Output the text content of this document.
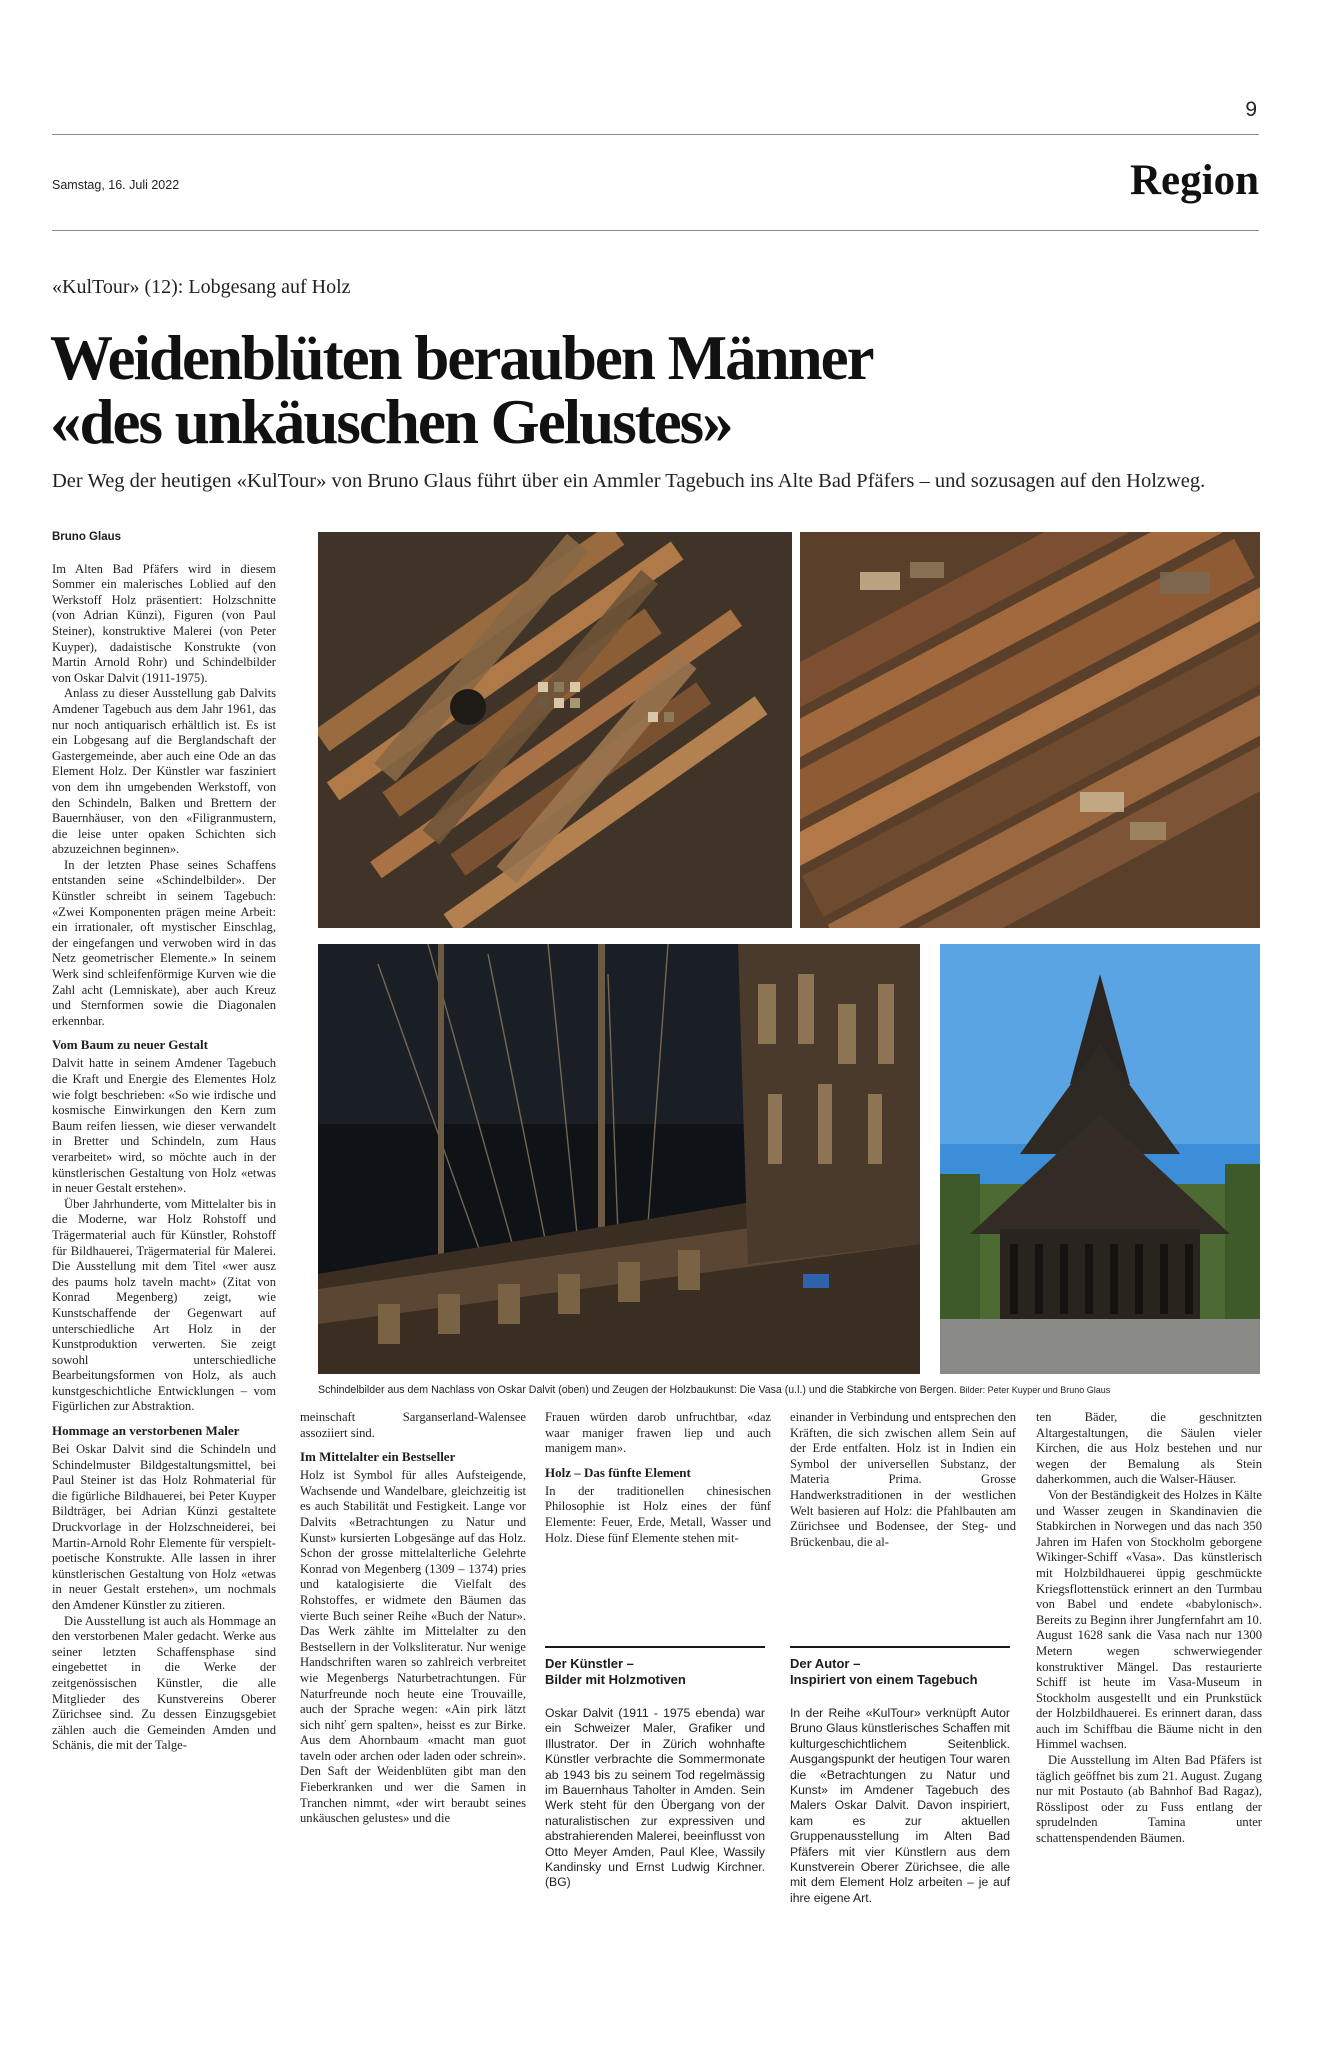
9
Samstag, 16. Juli 2022	Region
«KulTour» (12): Lobgesang auf Holz
Weidenblüten berauben Männer
«des unkäuschen Gelustes»
Der Weg der heutigen «KulTour» von Bruno Glaus führt über ein Ammler Tagebuch ins Alte Bad Pfäfers – und sozusagen auf den Holzweg.
Bruno Glaus

Im Alten Bad Pfäfers wird in diesem Sommer ein malerisches Loblied auf den Werkstoff Holz präsentiert: Holzschnitte (von Adrian Künzi), Figuren (von Paul Steiner), konstruktive Malerei (von Peter Kuyper), dadaistische Konstrukte (von Martin Arnold Rohr) und Schindelbilder von Oskar Dalvit (1911-1975).

Anlass zu dieser Ausstellung gab Dalvits Amdener Tagebuch aus dem Jahr 1961, das nur noch antiquarisch erhältlich ist. Es ist ein Lobgesang auf die Berglandschaft der Gastergemeinde, aber auch eine Ode an das Element Holz. Der Künstler war fasziniert von dem ihn umgebenden Werkstoff, von den Schindeln, Balken und Brettern der Bauernhäuser, von den «Filigranmustern, die leise unter opaken Schichten sich abzuzeichnen beginnen».

In der letzten Phase seines Schaffens entstanden seine «Schindelbilder». Der Künstler schreibt in seinem Tagebuch: «Zwei Komponenten prägen meine Arbeit: ein irrationaler, oft mystischer Einschlag, der eingefangen und verwoben wird in das Netz geometrischer Elemente.» In seinem Werk sind schleifenförmige Kurven wie die Zahl acht (Lemniskate), aber auch Kreuz und Sternformen sowie die Diagonalen erkennbar.

Vom Baum zu neuer Gestalt

Dalvit hatte in seinem Amdener Tagebuch die Kraft und Energie des Elementes Holz wie folgt beschrieben: «So wie irdische und kosmische Einwirkungen den Kern zum Baum reifen liessen, wie dieser verwandelt in Bretter und Schindeln, zum Haus verarbeitet» wird, so möchte auch in der künstlerischen Gestaltung von Holz «etwas in neuer Gestalt erstehen».

Über Jahrhunderte, vom Mittelalter bis in die Moderne, war Holz Rohstoff und Trägermaterial auch für Künstler, Rohstoff für Bildhauerei, Trägermaterial für Malerei. Die Ausstellung mit dem Titel «wer ausz des paums holz taveln macht» (Zitat von Konrad Megenberg) zeigt, wie Kunstschaffende der Gegenwart auf unterschiedliche Art Holz in der Kunstproduktion verwerten. Sie zeigt sowohl unterschiedliche Bearbeitungsformen von Holz, als auch kunstgeschichtliche Entwicklungen – vom Figürlichen zur Abstraktion.

Hommage an verstorbenen Maler

Bei Oskar Dalvit sind die Schindeln und Schindelmuster Bildgestaltungsmittel, bei Paul Steiner ist das Holz Rohmaterial für die figürliche Bildhauerei, bei Peter Kuyper Bildträger, bei Adrian Künzi gestaltete Druckvorlage in der Holzschneiderei, bei Martin-Arnold Rohr Elemente für verspielt-poetische Konstrukte. Alle lassen in ihrer künstlerischen Gestaltung von Holz «etwas in neuer Gestalt erstehen», um nochmals den Amdener Künstler zu zitieren.

Die Ausstellung ist auch als Hommage an den verstorbenen Maler gedacht. Werke aus seiner letzten Schaffensphase sind eingebettet in die Werke der zeitgenössischen Künstler, die alle Mitglieder des Kunstvereins Oberer Zürichsee sind. Zu dessen Einzugsgebiet zählen auch die Gemeinden Amden und Schänis, die mit der Talge-

Schindelbilder aus dem Nachlass von Oskar Dalvit (oben) und Zeugen der Holzbaukunst: Die Vasa (u.l.) und die Stabkirche von Bergen. Bilder: Peter Kuyper und Bruno Glaus

meinschaft Sarganserland-Walensee assoziiert sind.

Im Mittelalter ein Bestseller

Holz ist Symbol für alles Aufsteigende, Wachsende und Wandelbare, gleichzeitig ist es auch Stabilität und Festigkeit. Lange vor Dalvits «Betrachtungen zu Natur und Kunst» kursierten Lobgesänge auf das Holz. Schon der grosse mittelalterliche Gelehrte Konrad von Megenberg (1309 – 1374) pries und katalogisierte die Vielfalt des Rohstoffes, er widmete den Bäumen das vierte Buch seiner Reihe «Buch der Natur». Das Werk zählte im Mittelalter zu den Bestsellern in der Volksliteratur. Nur wenige Handschriften waren so zahlreich verbreitet wie Megenbergs Naturbetrachtungen. Für Naturfreunde noch heute eine Trouvaille, auch der Sprache wegen: «Ain pirk lätzt sich nihť gern spalten», heisst es zur Birke. Aus dem Ahornbaum «macht man guot taveln oder archen oder laden oder schrein». Den Saft der Weidenblüten gibt man den Fieberkranken und wer die Samen in Tranchen nimmt, «der wirt beraubt seines unkäuschen gelustes» und die

Frauen würden darob unfruchtbar, «daz waar maniger frawen liep und auch manigem man».

Holz – Das fünfte Element

In der traditionellen chinesischen Philosophie ist Holz eines der fünf Elemente: Feuer, Erde, Metall, Wasser und Holz. Diese fünf Elemente stehen mit-

einander in Verbindung und entsprechen den Kräften, die sich zwischen allem Sein auf der Erde entfalten. Holz ist in Indien ein Symbol der universellen Substanz, der Materia Prima. Grosse Handwerkstraditionen in der westlichen Welt basieren auf Holz: die Pfahlbauten am Zürichsee und Bodensee, der Steg- und Brückenbau, die al-

ten Bäder, die geschnitzten Altargestaltungen, die Säulen vieler Kirchen, die aus Holz bestehen und nur wegen der Bemalung als Stein daherkommen, auch die Walser-Häuser.

Von der Beständigkeit des Holzes in Kälte und Wasser zeugen in Skandinavien die Stabkirchen in Norwegen und das nach 350 Jahren im Hafen von Stockholm geborgene Wikinger-Schiff «Vasa». Das künstlerisch mit Holzbildhauerei üppig geschmückte Kriegsflottenstück erinnert an den Turmbau von Babel und endete «babylonisch». Bereits zu Beginn ihrer Jungfernfahrt am 10. August 1628 sank die Vasa nach nur 1300 Metern wegen schwerwiegender konstruktiver Mängel. Das restaurierte Schiff ist heute im Vasa-Museum in Stockholm ausgestellt und ein Prunkstück der Holzbildhauerei. Es erinnert daran, dass auch im Schiffbau die Bäume nicht in den Himmel wachsen.

Die Ausstellung im Alten Bad Pfäfers ist täglich geöffnet bis zum 21. August. Zugang nur mit Postauto (ab Bahnhof Bad Ragaz), Rösslipost oder zu Fuss entlang der sprudelnden Tamina unter schattenspendenden Bäumen.

Der Künstler –
Bilder mit Holzmotiven
Oskar Dalvit (1911 - 1975 ebenda) war ein Schweizer Maler, Grafiker und Illustrator. Der in Zürich wohnhafte Künstler verbrachte die Sommermonate ab 1943 bis zu seinem Tod regelmässig im Bauernhaus Taholter in Amden. Sein Werk steht für den Übergang von der naturalistischen zur expressiven und abstrahierenden Malerei, beeinflusst von Otto Meyer Amden, Paul Klee, Wassily Kandinsky und Ernst Ludwig Kirchner. (BG)
Der Autor –
Inspiriert von einem Tagebuch
In der Reihe «KulTour» verknüpft Autor Bruno Glaus künstlerisches Schaffen mit kulturgeschichtlichem Seitenblick. Ausgangspunkt der heutigen Tour waren die «Betrachtungen zu Natur und Kunst» im Amdener Tagebuch des Malers Oskar Dalvit. Davon inspiriert, kam es zur aktuellen Gruppenausstellung im Alten Bad Pfäfers mit vier Künstlern aus dem Kunstverein Oberer Zürichsee, die alle mit dem Element Holz arbeiten – je auf ihre eigene Art.
